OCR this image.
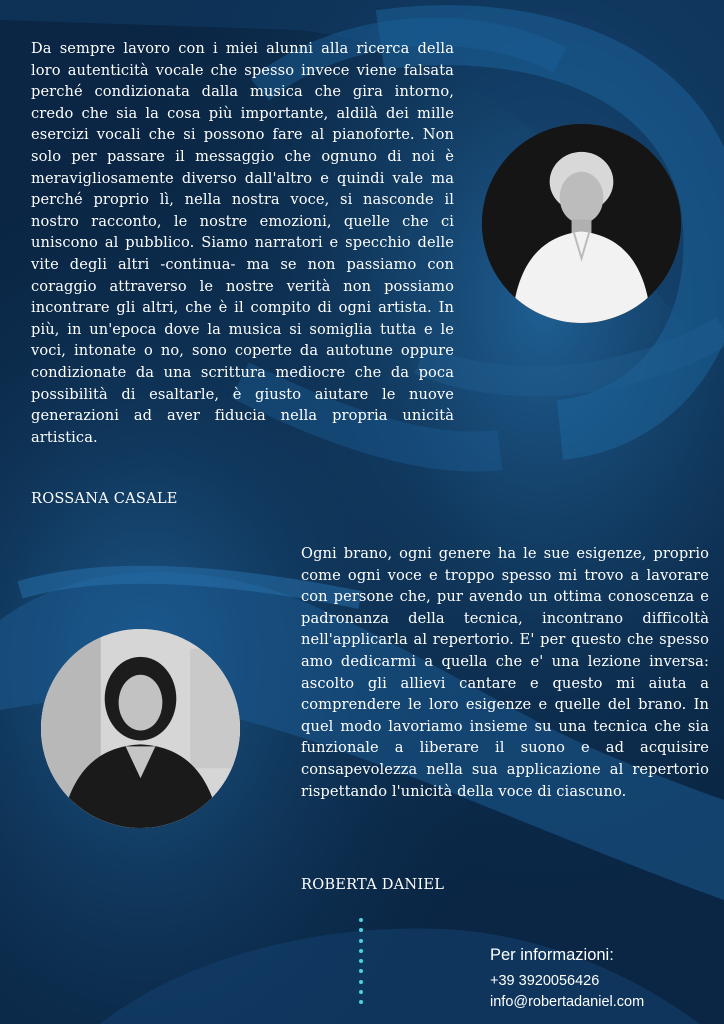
Da sempre lavoro con i miei alunni alla ricerca della loro autenticità vocale che spesso invece viene falsata perché condizionata dalla musica che gira intorno, credo che sia la cosa più importante, aldilà dei mille esercizi vocali che si possono fare al pianoforte. Non solo per passare il messaggio che ognuno di noi è meravigliosamente diverso dall'altro e quindi vale ma perché proprio lì, nella nostra voce, si nasconde il nostro racconto, le nostre emozioni, quelle che ci uniscono al pubblico. Siamo narratori e specchio delle vite degli altri -continua- ma se non passiamo con coraggio attraverso le nostre verità non possiamo incontrare gli altri, che è il compito di ogni artista. In più, in un'epoca dove la musica si somiglia tutta e le voci, intonate o no, sono coperte da autotune oppure condizionate da una scrittura mediocre che da poca possibilità di esaltarle, è giusto aiutare le nuove generazioni ad aver fiducia nella propria unicità artistica.
ROSSANA CASALE
Ogni brano, ogni genere ha le sue esigenze, proprio come ogni voce e troppo spesso mi trovo a lavorare con persone che, pur avendo un ottima conoscenza e padronanza della tecnica, incontrano difficoltà nell'applicarla al repertorio. E' per questo che spesso amo dedicarmi a quella che e' una lezione inversa: ascolto gli allievi cantare e questo mi aiuta a comprendere le loro esigenze e quelle del brano. In quel modo lavoriamo insieme su una tecnica che sia funzionale a liberare il suono e ad acquisire consapevolezza nella sua applicazione al repertorio rispettando l'unicità della voce di ciascuno.
ROBERTA DANIEL
Per informazioni:
+39 3920056426
info@robertadaniel.com
